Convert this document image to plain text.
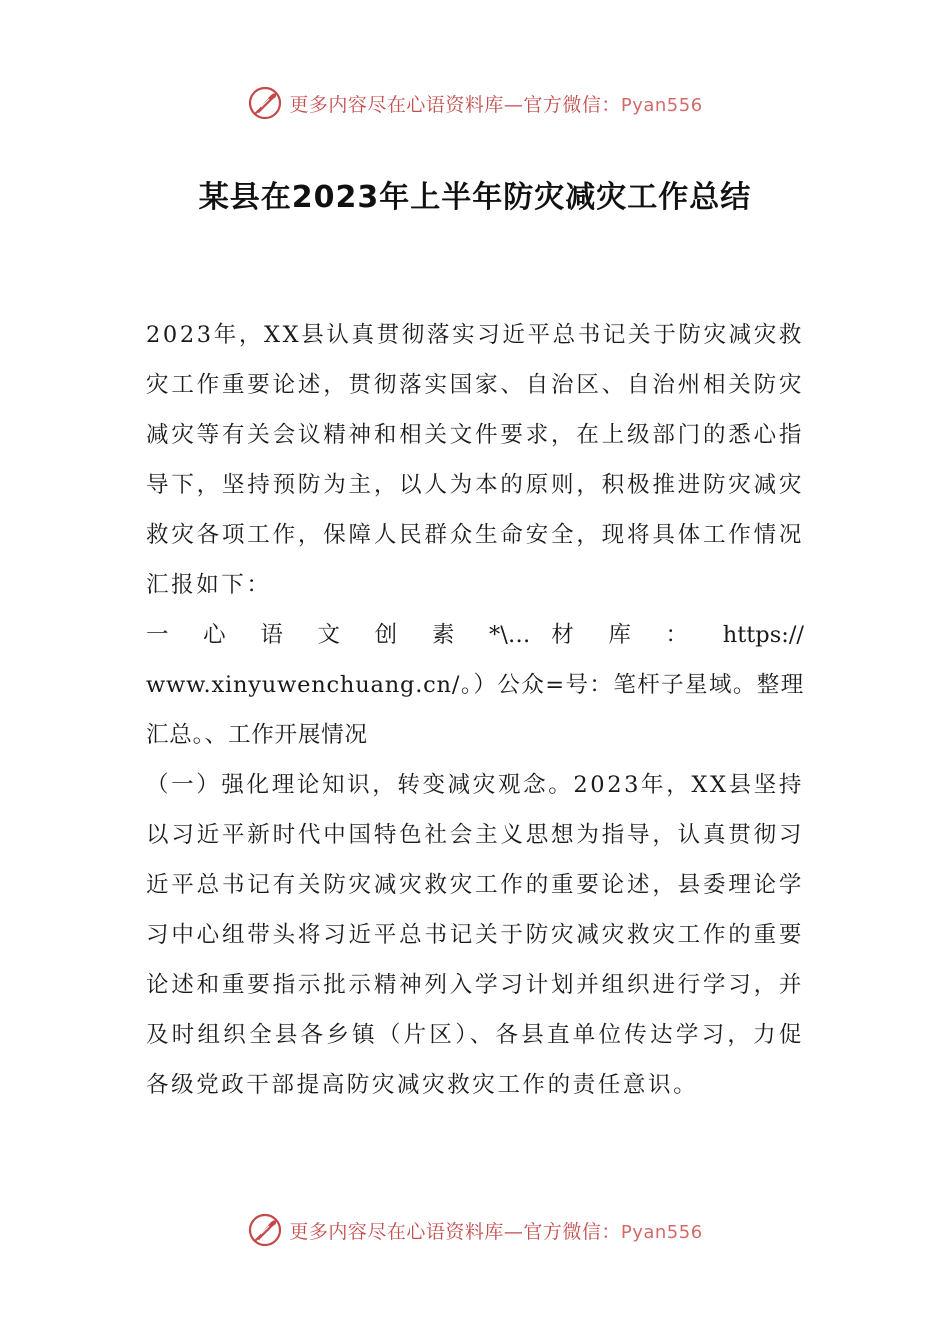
更多内容尽在心语资料库—官方微信：Pyan556
某县在2023年上半年防灾减灾工作总结

2023年，XX县认真贯彻落实习近平总书记关于防灾减灾救灾工作重要论述，贯彻落实国家、自治区、自治州相关防灾减灾等有关会议精神和相关文件要求，在上级部门的悉心指导下，坚持预防为主，以人为本的原则，积极推进防灾减灾救灾各项工作，保障人民群众生命安全，现将具体工作情况汇报如下：

一 心 语 文 创 素 *\… 材 库 ： https://

www.xinyuwenchuang.cn/。）公众=号：笔杆子星域。整理汇总。、工作开展情况

（一）强化理论知识，转变减灾观念。2023年，XX县坚持以习近平新时代中国特色社会主义思想为指导，认真贯彻习近平总书记有关防灾减灾救灾工作的重要论述，县委理论学习中心组带头将习近平总书记关于防灾减灾救灾工作的重要论述和重要指示批示精神列入学习计划并组织进行学习，并及时组织全县各乡镇（片区）、各县直单位传达学习，力促各级党政干部提高防灾减灾救灾工作的责任意识。

更多内容尽在心语资料库—官方微信：Pyan556
